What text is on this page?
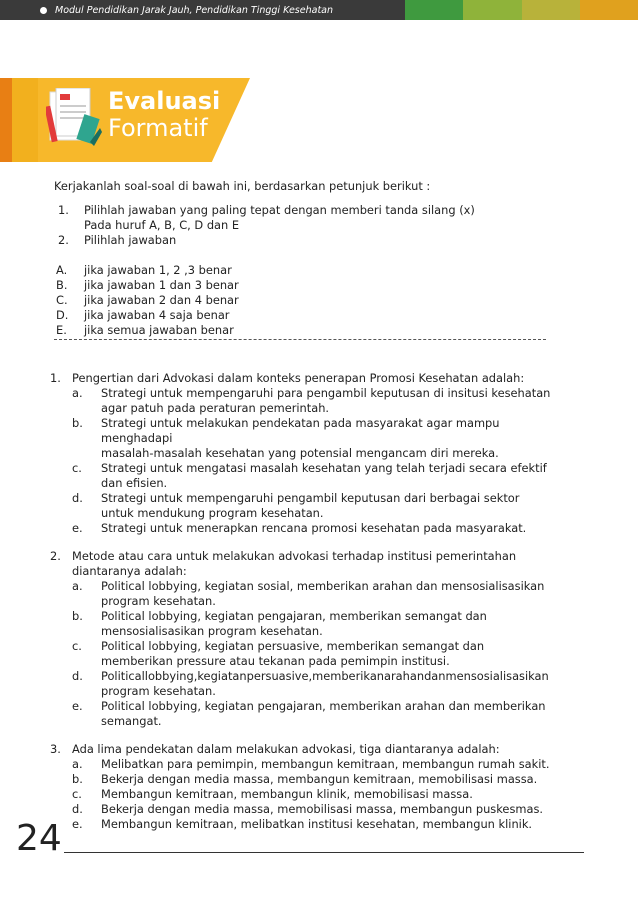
Modul Pendidikan Jarak Jauh, Pendidikan Tinggi Kesehatan
Evaluasi
Formatif
Kerjakanlah soal-soal di bawah ini, berdasarkan petunjuk berikut :
1. Pilihlah jawaban yang paling tepat dengan memberi tanda silang (x)
Pada huruf A, B, C, D dan E
2. Pilihlah jawaban
A. jika jawaban 1, 2 ,3 benar
B. jika jawaban 1 dan 3 benar
C. jika jawaban 2 dan 4 benar
D. jika jawaban 4 saja benar
E. jika semua jawaban benar
1. Pengertian dari Advokasi dalam konteks penerapan Promosi Kesehatan adalah:
a. Strategi untuk mempengaruhi para pengambil keputusan di insitusi kesehatan
agar patuh pada peraturan pemerintah.
b. Strategi untuk melakukan pendekatan pada masyarakat agar mampu
menghadapi
masalah-masalah kesehatan yang potensial mengancam diri mereka.
c. Strategi untuk mengatasi masalah kesehatan yang telah terjadi secara efektif
dan efisien.
d. Strategi untuk mempengaruhi pengambil keputusan dari berbagai sektor
untuk mendukung program kesehatan.
e. Strategi untuk menerapkan rencana promosi kesehatan pada masyarakat.
2. Metode atau cara untuk melakukan advokasi terhadap institusi pemerintahan
diantaranya adalah:
a. Political lobbying, kegiatan sosial, memberikan arahan dan mensosialisasikan
program kesehatan.
b. Political lobbying, kegiatan pengajaran, memberikan semangat dan
mensosialisasikan program kesehatan.
c. Political lobbying, kegiatan persuasive, memberikan semangat dan
memberikan pressure atau tekanan pada pemimpin institusi.
d. Politicallobbying,kegiatanpersuasive,memberikanarahandanmensosialisasikan
program kesehatan.
e. Political lobbying, kegiatan pengajaran, memberikan arahan dan memberikan
semangat.
3. Ada lima pendekatan dalam melakukan advokasi, tiga diantaranya adalah:
a. Melibatkan para pemimpin, membangun kemitraan, membangun rumah sakit.
b. Bekerja dengan media massa, membangun kemitraan, memobilisasi massa.
c. Membangun kemitraan, membangun klinik, memobilisasi massa.
d. Bekerja dengan media massa, memobilisasi massa, membangun puskesmas.
e. Membangun kemitraan, melibatkan institusi kesehatan, membangun klinik.
24
